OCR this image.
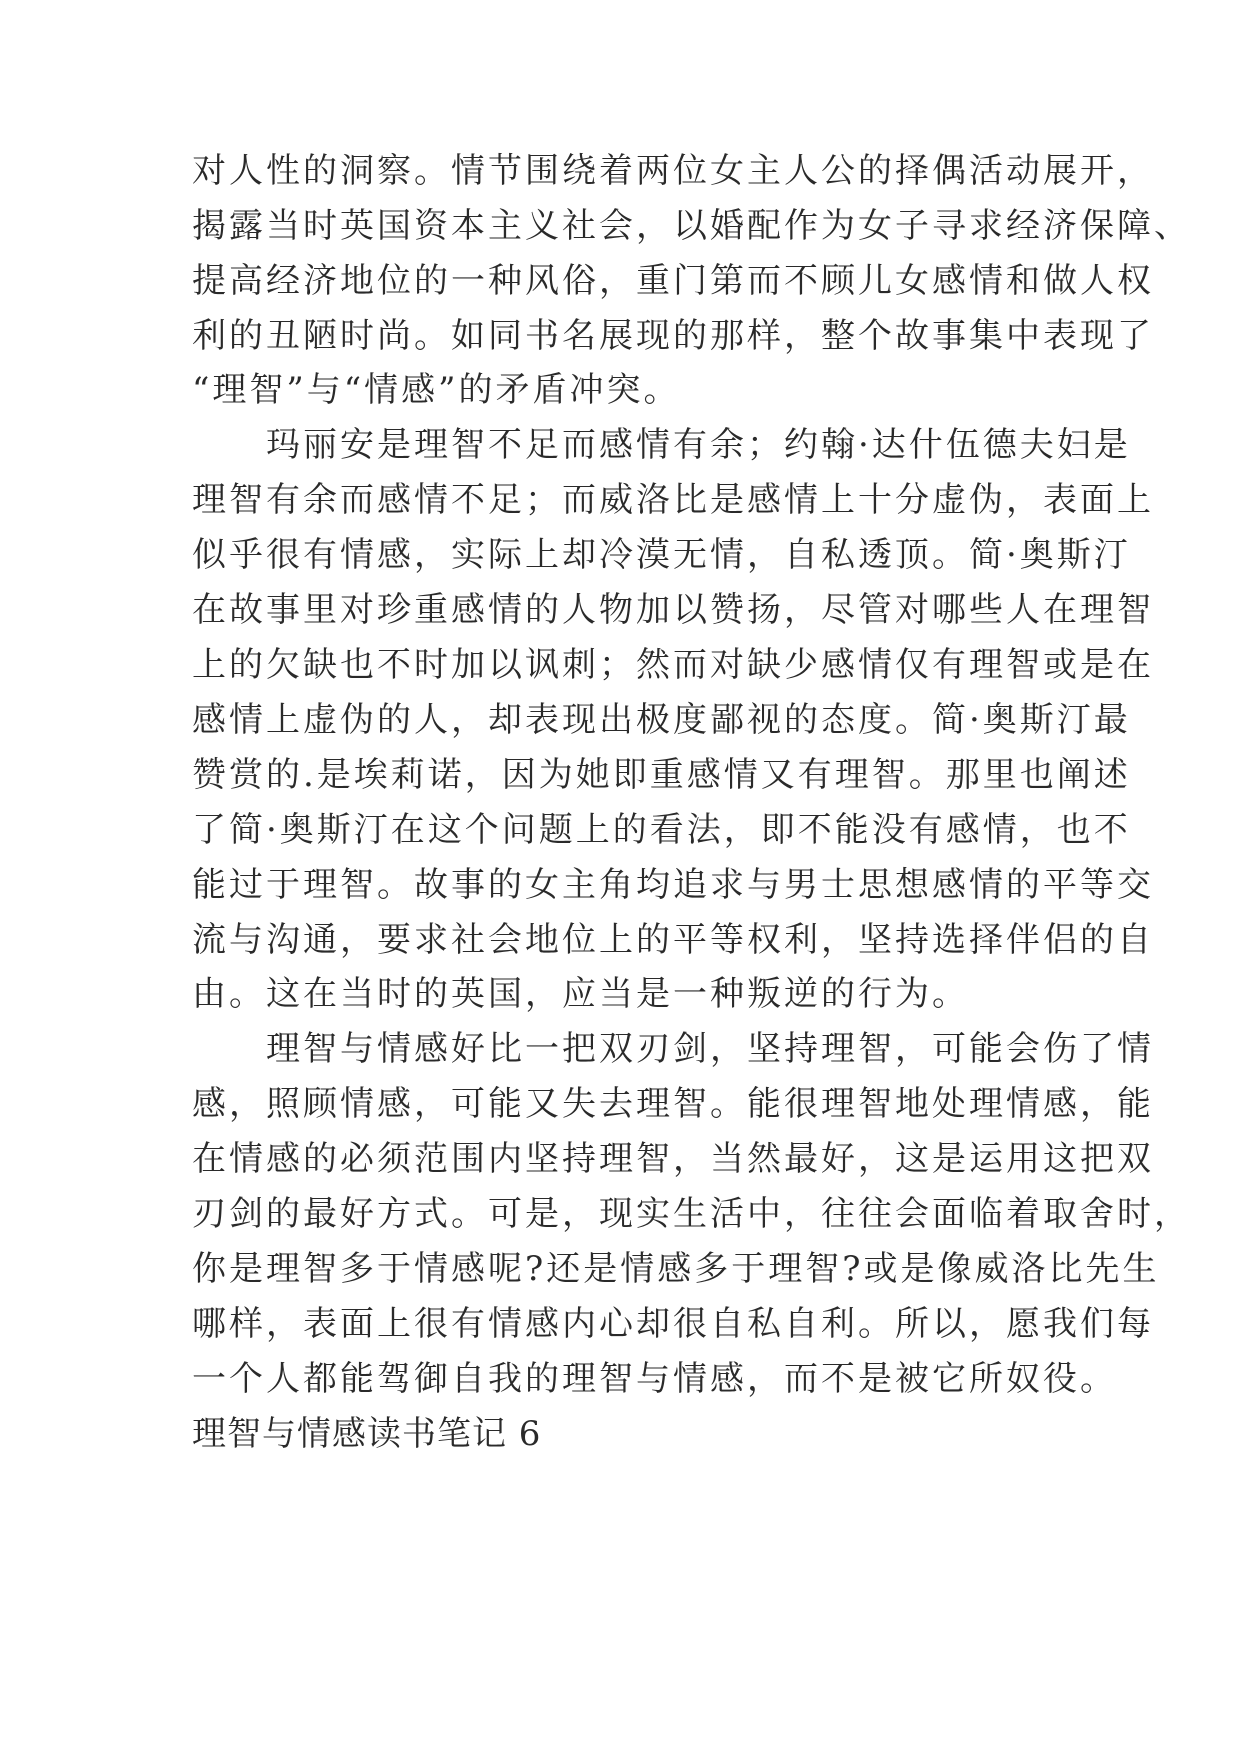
对人性的洞察。情节围绕着两位女主人公的择偶活动展开，
揭露当时英国资本主义社会，以婚配作为女子寻求经济保障、
提高经济地位的一种风俗，重门第而不顾儿女感情和做人权
利的丑陋时尚。如同书名展现的那样，整个故事集中表现了
“理智”与“情感”的矛盾冲突。
　　玛丽安是理智不足而感情有余；约翰·达什伍德夫妇是
理智有余而感情不足；而威洛比是感情上十分虚伪，表面上
似乎很有情感，实际上却冷漠无情，自私透顶。简·奥斯汀
在故事里对珍重感情的人物加以赞扬，尽管对哪些人在理智
上的欠缺也不时加以讽刺；然而对缺少感情仅有理智或是在
感情上虚伪的人，却表现出极度鄙视的态度。简·奥斯汀最
赞赏的.是埃莉诺，因为她即重感情又有理智。那里也阐述
了简·奥斯汀在这个问题上的看法，即不能没有感情，也不
能过于理智。故事的女主角均追求与男士思想感情的平等交
流与沟通，要求社会地位上的平等权利，坚持选择伴侣的自
由。这在当时的英国，应当是一种叛逆的行为。
　　理智与情感好比一把双刃剑，坚持理智，可能会伤了情
感，照顾情感，可能又失去理智。能很理智地处理情感，能
在情感的必须范围内坚持理智，当然最好，这是运用这把双
刃剑的最好方式。可是，现实生活中，往往会面临着取舍时，
你是理智多于情感呢?还是情感多于理智?或是像威洛比先生
哪样，表面上很有情感内心却很自私自利。所以，愿我们每
一个人都能驾御自我的理智与情感，而不是被它所奴役。
理智与情感读书笔记 6
